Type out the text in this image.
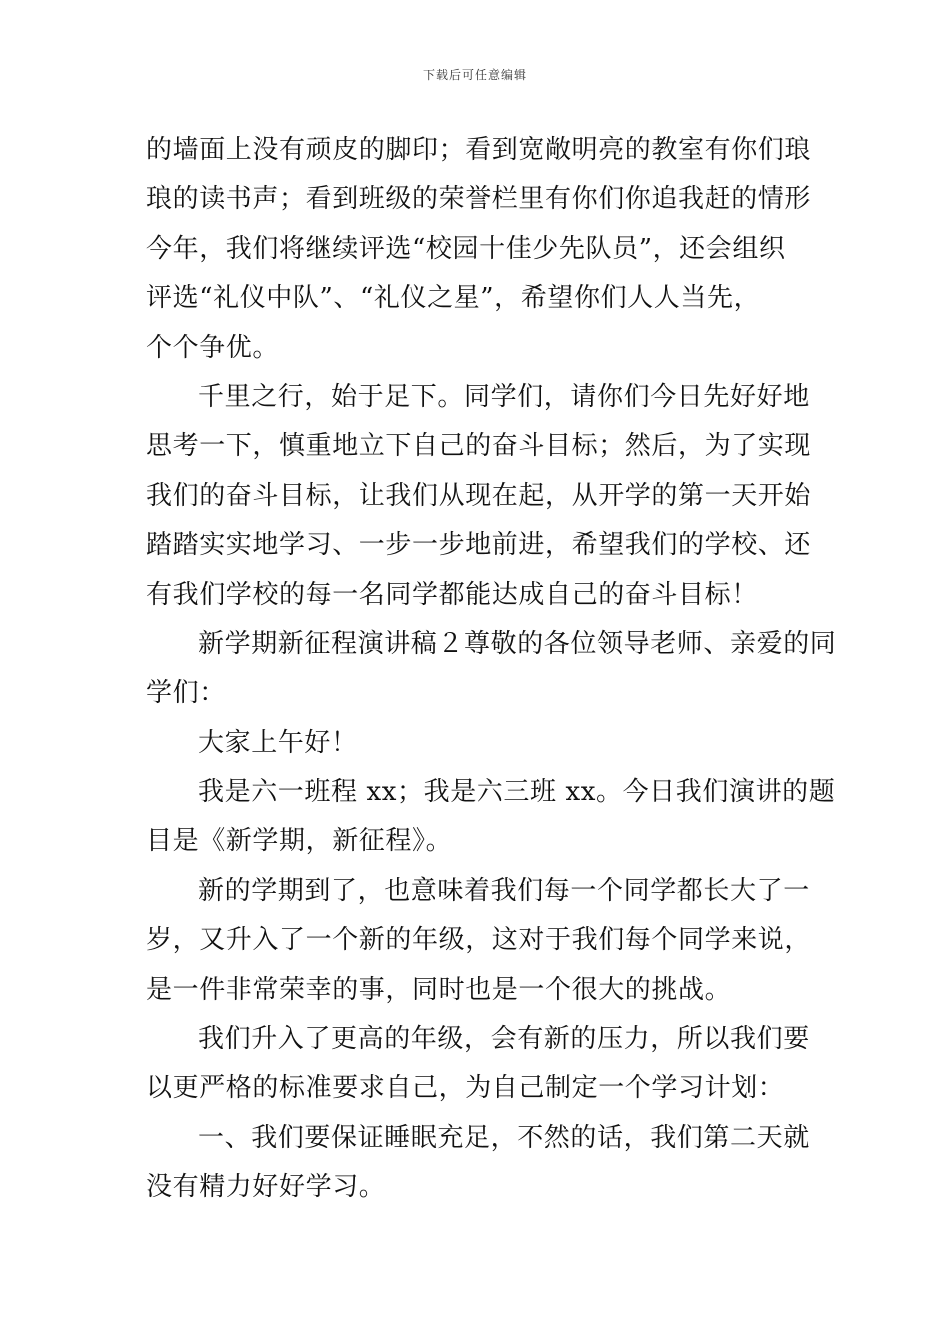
下载后可任意编辑
的墙面上没有顽皮的脚印；看到宽敞明亮的教室有你们琅
琅的读书声；看到班级的荣誉栏里有你们你追我赶的情形
今年，我们将继续评选“校园十佳少先队员”，还会组织
评选“礼仪中队”、“礼仪之星”，希望你们人人当先，
个个争优。
千里之行，始于足下。同学们，请你们今日先好好地
思考一下，慎重地立下自己的奋斗目标；然后，为了实现
我们的奋斗目标，让我们从现在起，从开学的第一天开始
踏踏实实地学习、一步一步地前进，希望我们的学校、还
有我们学校的每一名同学都能达成自己的奋斗目标！
新学期新征程演讲稿２尊敬的各位领导老师、亲爱的同
学们：
大家上午好！
我是六一班程 xx；我是六三班 xx。今日我们演讲的题
目是《新学期，新征程》。
新的学期到了，也意味着我们每一个同学都长大了一
岁，又升入了一个新的年级，这对于我们每个同学来说，
是一件非常荣幸的事，同时也是一个很大的挑战。
我们升入了更高的年级，会有新的压力，所以我们要
以更严格的标准要求自己，为自己制定一个学习计划：
一、我们要保证睡眠充足，不然的话，我们第二天就
没有精力好好学习。
